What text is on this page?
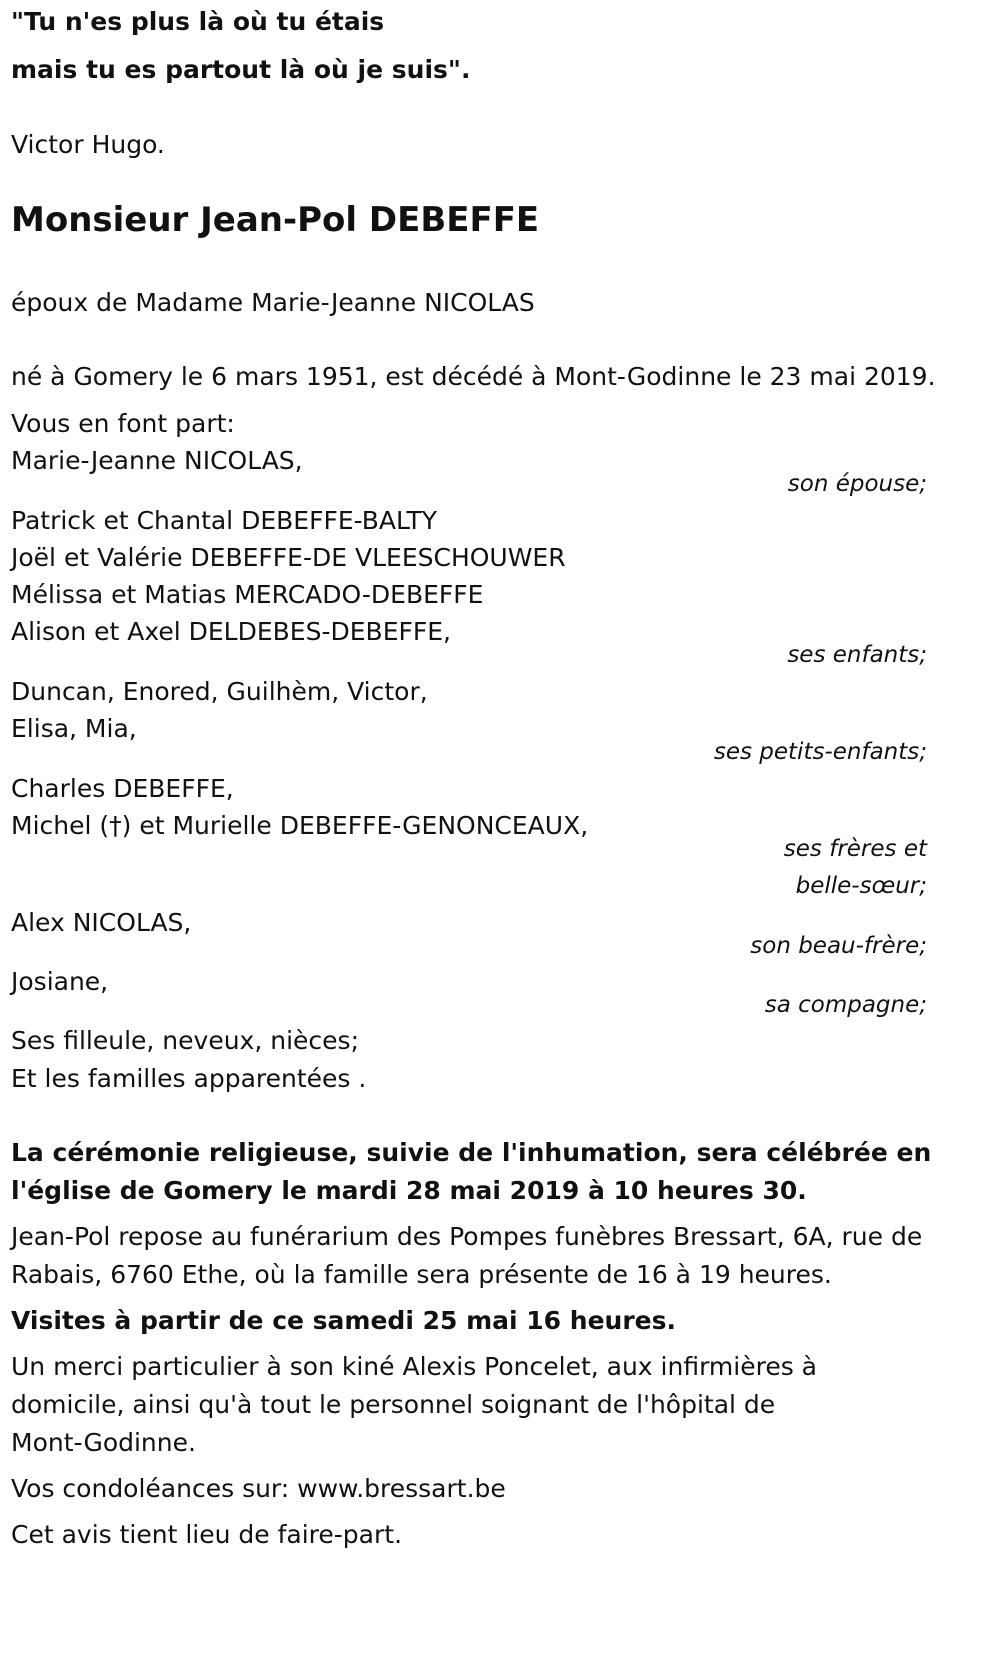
"Tu n'es plus là où tu étais
mais tu es partout là où je suis".
Victor Hugo.
Monsieur Jean-Pol DEBEFFE
époux de Madame Marie-Jeanne NICOLAS
né à Gomery le 6 mars 1951, est décédé à Mont-Godinne le 23 mai 2019.
Vous en font part:
Marie-Jeanne NICOLAS,
son épouse;
Patrick et Chantal DEBEFFE-BALTY
Joël et Valérie DEBEFFE-DE VLEESCHOUWER
Mélissa et Matias MERCADO-DEBEFFE
Alison et Axel DELDEBES-DEBEFFE,
ses enfants;
Duncan, Enored, Guilhèm, Victor,
Elisa, Mia,
ses petits-enfants;
Charles DEBEFFE,
Michel (†) et Murielle DEBEFFE-GENONCEAUX,
ses frères et
belle-sœur;
Alex NICOLAS,
son beau-frère;
Josiane,
sa compagne;
Ses filleule, neveux, nièces;
Et les familles apparentées .
La cérémonie religieuse, suivie de l'inhumation, sera célébrée en
l'église de Gomery le mardi 28 mai 2019 à 10 heures 30.
Jean-Pol repose au funérarium des Pompes funèbres Bressart, 6A, rue de
Rabais, 6760 Ethe, où la famille sera présente de 16 à 19 heures.
Visites à partir de ce samedi 25 mai 16 heures.
Un merci particulier à son kiné Alexis Poncelet, aux infirmières à
domicile, ainsi qu'à tout le personnel soignant de l'hôpital de
Mont-Godinne.
Vos condoléances sur: www.bressart.be
Cet avis tient lieu de faire-part.
